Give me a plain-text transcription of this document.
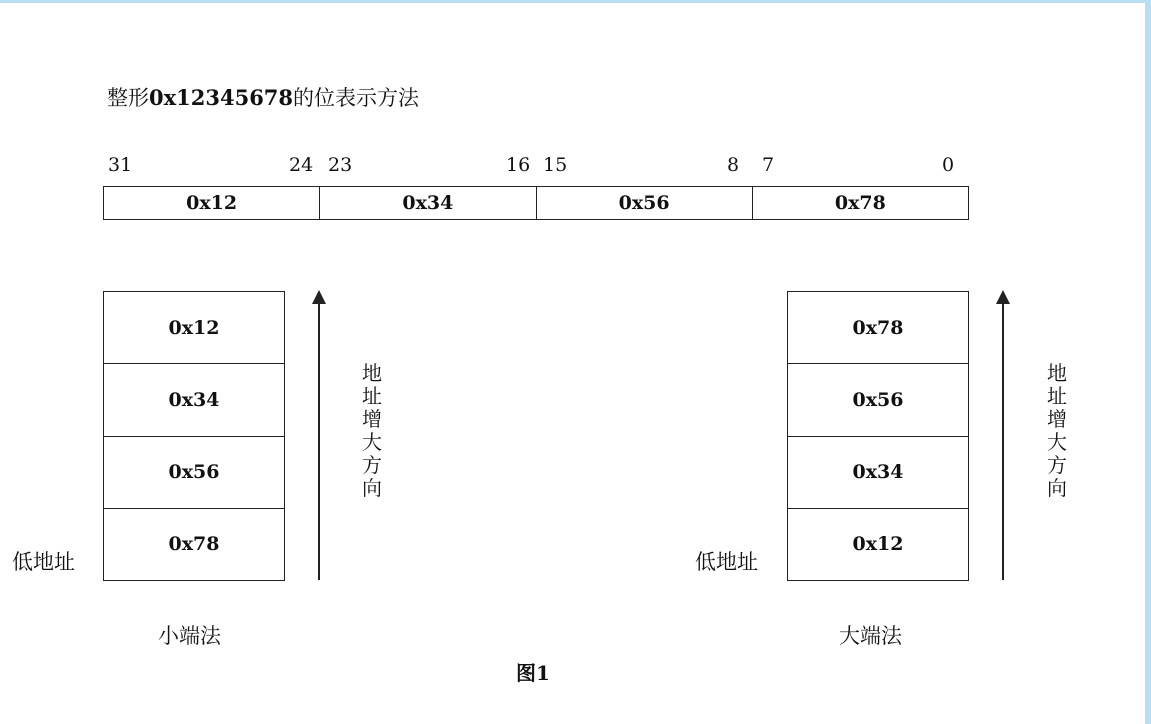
整形0x12345678的位表示方法
31	24 23	16 15	8 7	0
0x12	0x34	0x56	0x78
0x12
0x34
0x56
0x78
地址增大方向
低地址
小端法
0x78
0x56
0x34
0x12
地址增大方向
低地址
大端法
图1
